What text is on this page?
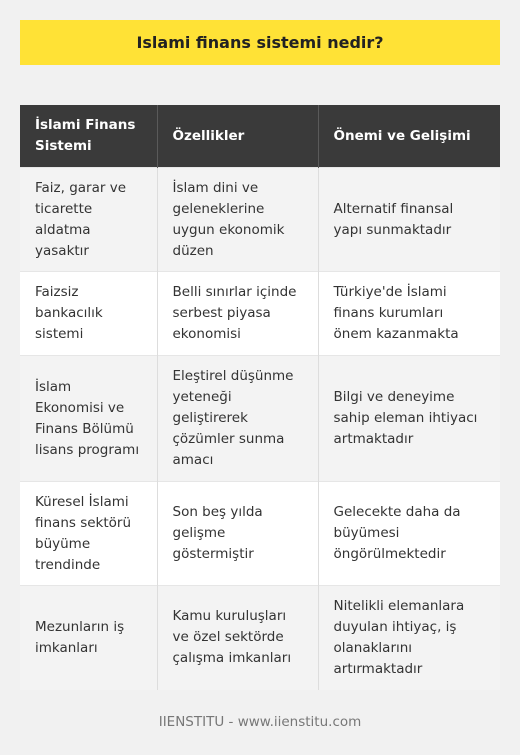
Islami finans sistemi nedir?
İslami Finans Sistemi	Özellikler	Önemi ve Gelişimi
Faiz, garar ve ticarette aldatma yasaktır	İslam dini ve geleneklerine uygun ekonomik düzen	Alternatif finansal yapı sunmaktadır
Faizsiz bankacılık sistemi	Belli sınırlar içinde serbest piyasa ekonomisi	Türkiye'de İslami finans kurumları önem kazanmakta
İslam Ekonomisi ve Finans Bölümü lisans programı	Eleştirel düşünme yeteneği geliştirerek çözümler sunma amacı	Bilgi ve deneyime sahip eleman ihtiyacı artmaktadır
Küresel İslami finans sektörü büyüme trendinde	Son beş yılda gelişme göstermiştir	Gelecekte daha da büyümesi öngörülmektedir
Mezunların iş imkanları	Kamu kuruluşları ve özel sektörde çalışma imkanları	Nitelikli elemanlara duyulan ihtiyaç, iş olanaklarını artırmaktadır
IIENSTITU - www.iienstitu.com
